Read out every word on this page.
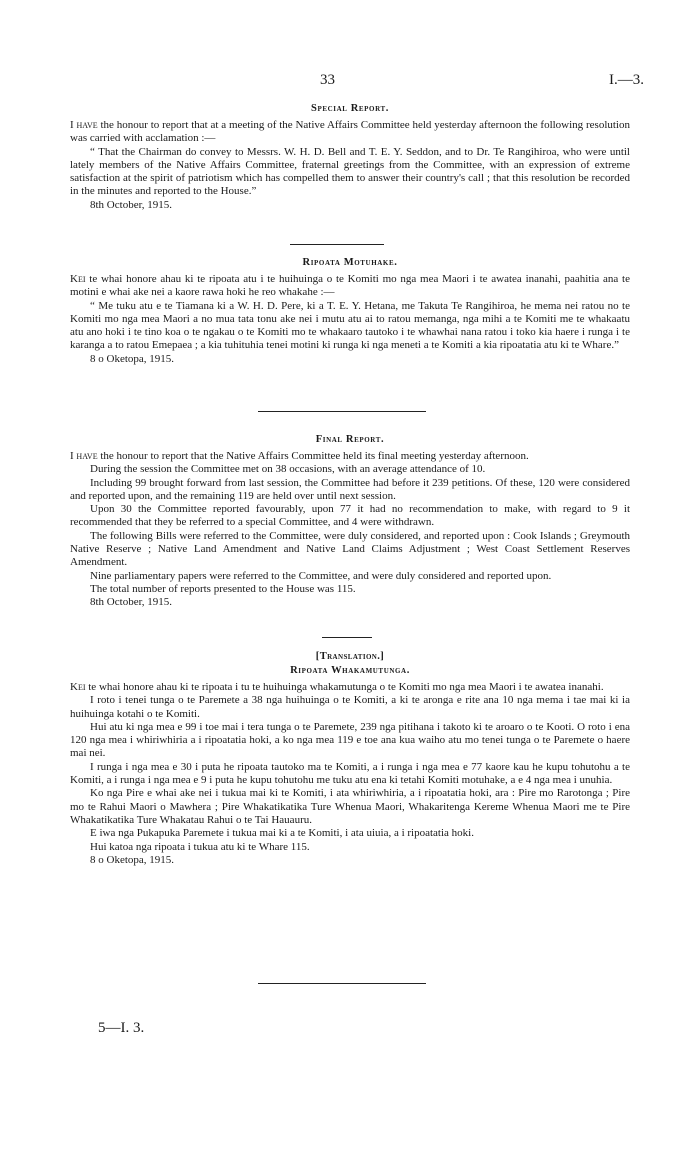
33	I.—3.
Special Report.

I have the honour to report that at a meeting of the Native Affairs Committee held yesterday afternoon the following resolution was carried with acclamation :—

“ That the Chairman do convey to Messrs. W. H. D. Bell and T. E. Y. Seddon, and to Dr. Te Rangihiroa, who were until lately members of the Native Affairs Committee, fraternal greetings from the Committee, with an expression of extreme satisfaction at the spirit of patriotism which has compelled them to answer their country's call ; that this resolution be recorded in the minutes and reported to the House.”

8th October, 1915.

Ripoata Motuhake.

Kei te whai honore ahau ki te ripoata atu i te huihuinga o te Komiti mo nga mea Maori i te awatea inanahi, paahitia ana te motini e whai ake nei a kaore rawa hoki he reo whakahe :—

“ Me tuku atu e te Tiamana ki a W. H. D. Pere, ki a T. E. Y. Hetana, me Takuta Te Rangihiroa, he mema nei ratou no te Komiti mo nga mea Maori a no mua tata tonu ake nei i mutu atu ai to ratou memanga, nga mihi a te Komiti me te whakaatu atu ano hoki i te tino koa o te ngakau o te Komiti mo te whakaaro tautoko i te whawhai nana ratou i toko kia haere i runga i te karanga a to ratou Emepaea ; a kia tuhituhia tenei motini ki runga ki nga meneti a te Komiti a kia ripoatatia atu ki te Whare.”

8 o Oketopa, 1915.

Final Report.

I have the honour to report that the Native Affairs Committee held its final meeting yesterday afternoon.

During the session the Committee met on 38 occasions, with an average attendance of 10.

Including 99 brought forward from last session, the Committee had before it 239 petitions. Of these, 120 were considered and reported upon, and the remaining 119 are held over until next session.

Upon 30 the Committee reported favourably, upon 77 it had no recommendation to make, with regard to 9 it recommended that they be referred to a special Committee, and 4 were withdrawn.

The following Bills were referred to the Committee, were duly considered, and reported upon : Cook Islands ; Greymouth Native Reserve ; Native Land Amendment and Native Land Claims Adjustment ; West Coast Settlement Reserves Amendment.

Nine parliamentary papers were referred to the Committee, and were duly considered and reported upon.

The total number of reports presented to the House was 115.

8th October, 1915.

[Translation.]
Ripoata Whakamutunga.

Kei te whai honore ahau ki te ripoata i tu te huihuinga whakamutunga o te Komiti mo nga mea Maori i te awatea inanahi.

I roto i tenei tunga o te Paremete a 38 nga huihuinga o te Komiti, a ki te aronga e rite ana 10 nga mema i tae mai ki ia huihuinga kotahi o te Komiti.

Hui atu ki nga mea e 99 i toe mai i tera tunga o te Paremete, 239 nga pitihana i takoto ki te aroaro o te Kooti. O roto i ena 120 nga mea i whiriwhiria a i ripoatatia hoki, a ko nga mea 119 e toe ana kua waiho atu mo tenei tunga o te Paremete o haere mai nei.

I runga i nga mea e 30 i puta he ripoata tautoko ma te Komiti, a i runga i nga mea e 77 kaore kau he kupu tohutohu a te Komiti, a i runga i nga mea e 9 i puta he kupu tohutohu me tuku atu ena ki tetahi Komiti motuhake, a e 4 nga mea i unuhia.

Ko nga Pire e whai ake nei i tukua mai ki te Komiti, i ata whiriwhiria, a i ripoatatia hoki, ara : Pire mo Rarotonga ; Pire mo te Rahui Maori o Mawhera ; Pire Whakatikatika Ture Whenua Maori, Whakaritenga Kereme Whenua Maori me te Pire Whakatikatika Ture Whakatau Rahui o te Tai Hauauru.

E iwa nga Pukapuka Paremete i tukua mai ki a te Komiti, i ata uiuia, a i ripoatatia hoki.

Hui katoa nga ripoata i tukua atu ki te Whare 115.

8 o Oketopa, 1915.

5—I. 3.
